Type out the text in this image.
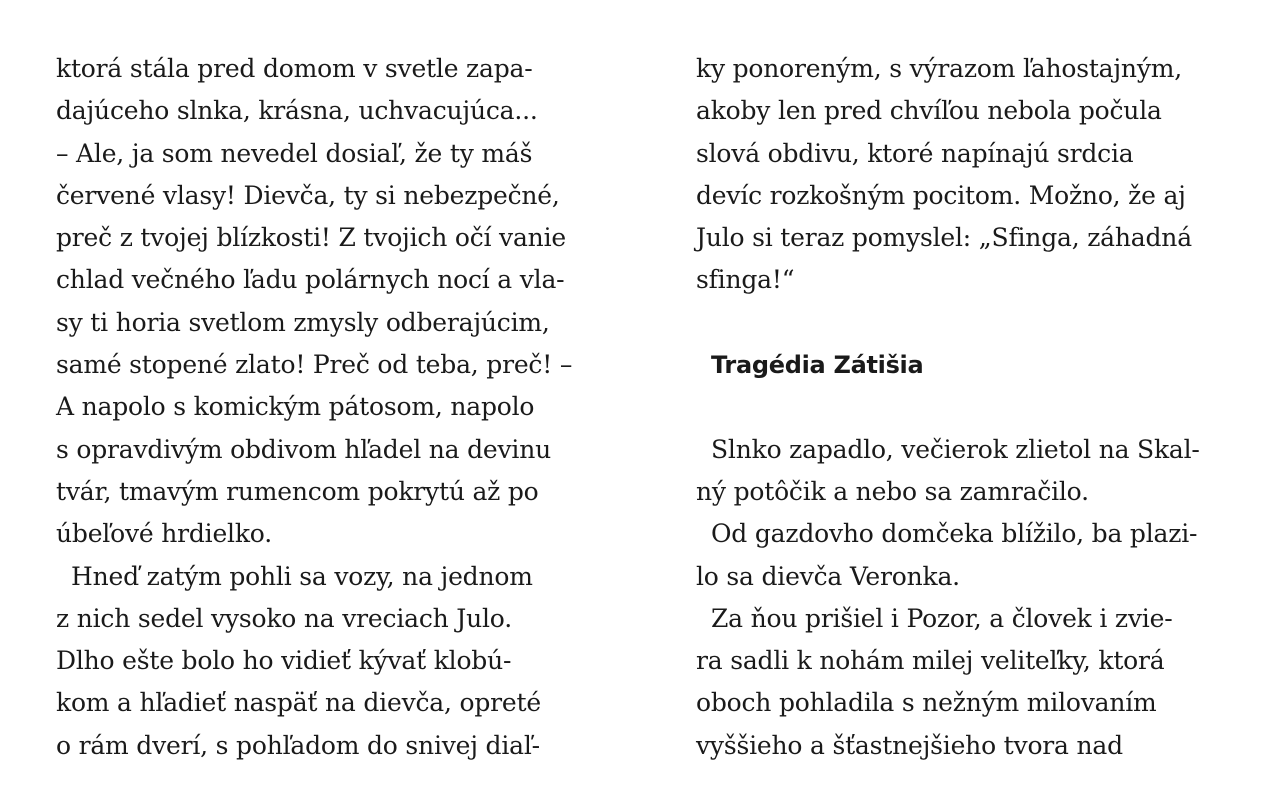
ktorá stála pred domom v svetle zapa-
dajúceho slnka, krásna, uchvacujúca...
– Ale, ja som nevedel dosiaľ, že ty máš
červené vlasy! Dievča, ty si nebezpečné,
preč z tvojej blízkosti! Z tvojich očí vanie
chlad večného ľadu polárnych nocí a vla-
sy ti horia svetlom zmysly odberajúcim,
samé stopené zlato! Preč od teba, preč! –
A napolo s komickým pátosom, napolo
s opravdivým obdivom hľadel na devinu
tvár, tmavým rumencom pokrytú až po
úbeľové hrdielko.
Hneď zatým pohli sa vozy, na jednom
z nich sedel vysoko na vreciach Julo.
Dlho ešte bolo ho vidieť kývať klobú-
kom a hľadieť naspäť na dievča, opreté
o rám dverí, s pohľadom do snivej diaľ-
ky ponoreným, s výrazom ľahostajným,
akoby len pred chvíľou nebola počula
slová obdivu, ktoré napínajú srdcia
devíc rozkošným pocitom. Možno, že aj
Julo si teraz pomyslel: „Sfinga, záhadná
sfinga!“
Tragédia Zátišia
Slnko zapadlo, večierok zlietol na Skal-
ný potôčik a nebo sa zamračilo.
Od gazdovho domčeka blížilo, ba plazi-
lo sa dievča Veronka.
Za ňou prišiel i Pozor, a človek i zvie-
ra sadli k nohám milej veliteľky, ktorá
oboch pohladila s nežným milovaním
vyššieho a šťastnejšieho tvora nad
